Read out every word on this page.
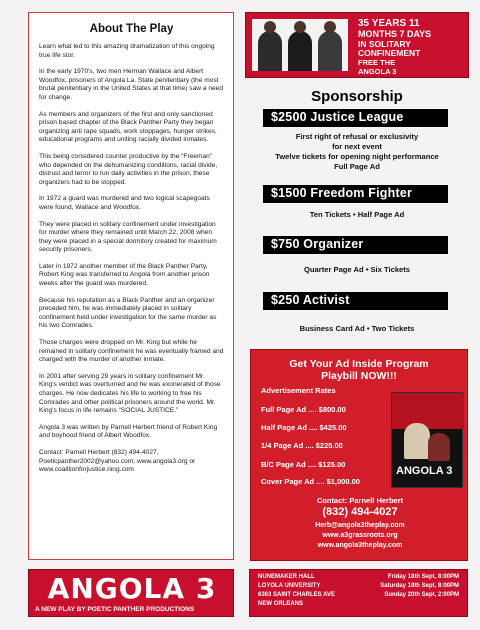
About The Play

Learn what led to this amazing dramatization of this ongoing true life stor.

In the early 1970's, two men Herman Wallace and Albert Woodfox, prisoners of Angola La. State penitentiary (the most brutal penitentiary in the United States at that time) saw a need for change.

As members and organizers of the first and only sanctioned prison based chapter of the Black Panther Party they began organizing anti rape squads, work stoppages, hunger strikes, educational programs and uniting racially divided inmates.

This being considered counter productive by the “Freeman” who depended on the dehumanizing conditions, racial divide, distrust and terror to run daily activities in the prison, these organizers had to be stopped.

In 1972 a guard was murdered and two logical scapegoats were found, Wallace and Woodfox.

They were placed in solitary confinement under investigation for murder where they remained until March 22, 2008 when they were placed in a special dormitory created for maximum security prisoners.

Later in 1972 another member of the Black Panther Party, Robert King was transferred to Angola from another prison weeks after the guard was murdered.

Because his reputation as a Black Panther and an organizer preceded him, he was immediately placed in solitary confinement held under investigation for the same murder as his two Comrades.

Those charges were dropped on Mr. King but while he remained in solitary confinement he was eventually framed and charged with the murder of another inmate.

In 2001 after serving 29 years in solitary confinement Mr. King's verdict was overturned and he was exonerated of those charges. He now dedicates his life to working to free his Comrades and other political prisoners around the world. Mr. King's focus in life remains “SOCIAL JUSTICE.”

Angola 3 was written by Parnell Herbert friend of Robert King and boyhood friend of Albert Woodfox.

Contact: Parnell Herbert (832) 494-4027, Poeticpanther2002@yahoo.com, www.angola3.org or www.coalitionforjustice.ning.com

35 YEARS 11
MONTHS 7 DAYS
IN SOLITARY
CONFINEMENT
FREE THE
ANGOLA 3
Sponsorship
$2500 Justice League
First right of refusal or exclusivity
for next event
Twelve tickets for opening night performance
Full Page Ad
$1500 Freedom Fighter
Ten Tickets • Half Page Ad
$750 Organizer
Quarter Page Ad • Six Tickets
$250 Activist
Business Card Ad • Two Tickets
Get Your Ad Inside Program
Playbill NOW!!!
Advertisement Rates
Full Page Ad .... $800.00
Half Page Ad .... $425.00
1/4 Page Ad .... $225.00
B/C Page Ad .... $125.00
Cover Page Ad .... $1,000.00
ANGOLA 3
Contact: Parnell Herbert
(832) 494-4027
Herb@angola3theplay.com
www.a3grassroots.org
www.angola3theplay.com
ANGOLA 3
A NEW PLAY BY POETIC PANTHER PRODUCTIONS
NUNEMAKER HALL
LOYOLA UNIVERSITY
6363 SAINT CHARLES AVE
NEW ORLEANS
Friday 18th Sept, 8:00PM
Saturday 19th Sept, 8:00PM
Sunday 20th Sept, 2:00PM
